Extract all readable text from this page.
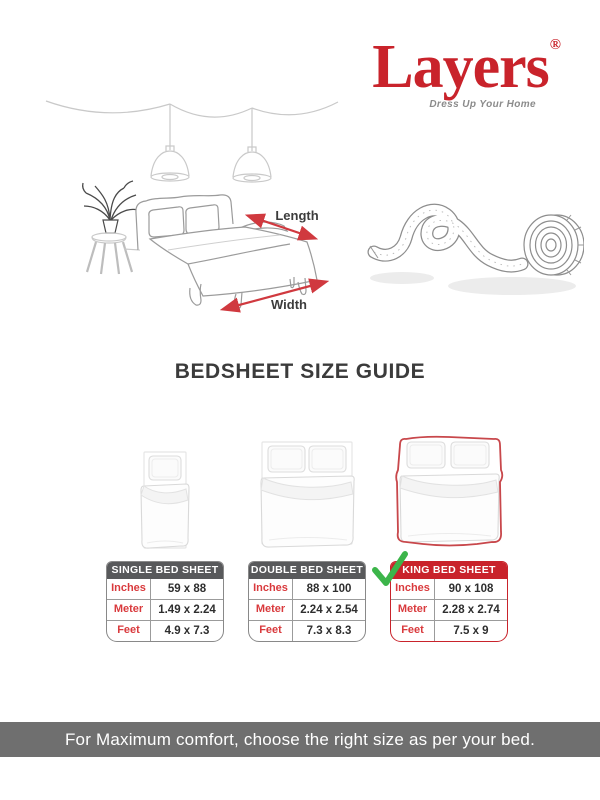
Layers®
Dress Up Your Home
Length
Width
BEDSHEET SIZE GUIDE
SINGLE BED SHEET
Inches	59 x 88
Meter	1.49 x 2.24
Feet	4.9 x 7.3
DOUBLE BED SHEET
Inches	88 x 100
Meter	2.24 x 2.54
Feet	7.3 x 8.3
KING BED SHEET
Inches	90 x 108
Meter	2.28 x 2.74
Feet	7.5 x 9
For Maximum comfort, choose the right size as per your bed.
